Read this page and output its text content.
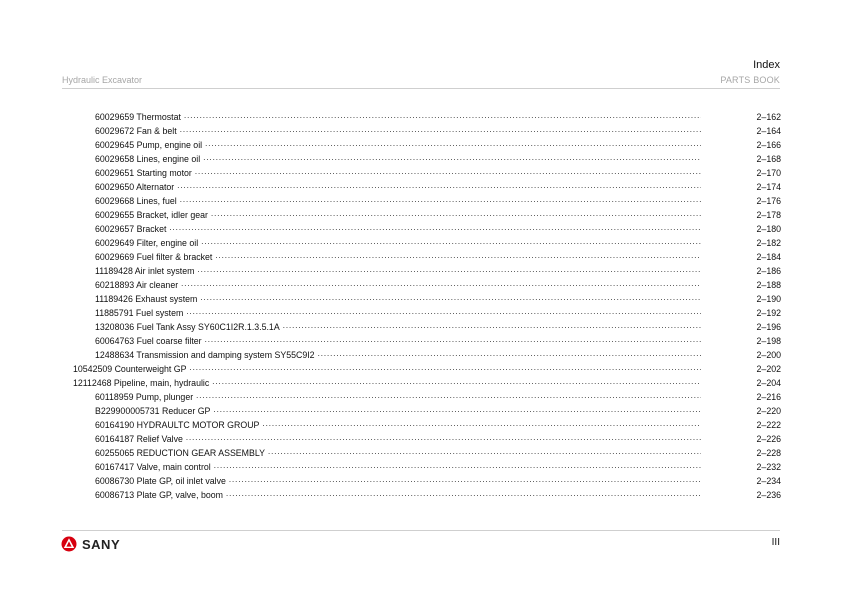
Index
Hydraulic Excavator	PARTS BOOK
60029659 Thermostat ·····	2–162
60029672 Fan & belt ·····	2–164
60029645 Pump, engine oil ·····	2–166
60029658 Lines, engine oil ·····	2–168
60029651 Starting motor ·····	2–170
60029650 Alternator ·····	2–174
60029668 Lines, fuel ·····	2–176
60029655 Bracket, idler gear ·····	2–178
60029657 Bracket ·····	2–180
60029649 Filter, engine oil ·····	2–182
60029669 Fuel filter & bracket ·····	2–184
11189428 Air inlet system ·····	2–186
60218893 Air cleaner ·····	2–188
11189426 Exhaust system ·····	2–190
11885791 Fuel system ·····	2–192
13208036 Fuel Tank Assy SY60C1I2R.1.3.5.1A ·····	2–196
60064763 Fuel coarse filter ·····	2–198
12488634 Transmission and damping system SY55C9I2 ·····	2–200
10542509 Counterweight GP ·····	2–202
12112468 Pipeline, main, hydraulic ·····	2–204
60118959 Pump, plunger ·····	2–216
B229900005731 Reducer GP ·····	2–220
60164190 HYDRAULTC MOTOR GROUP ·····	2–222
60164187 Relief Valve ·····	2–226
60255065 REDUCTION GEAR ASSEMBLY ·····	2–228
60167417 Valve, main control ·····	2–232
60086730 Plate GP, oil inlet valve ·····	2–234
60086713 Plate GP, valve, boom ·····	2–236
SANY	III
